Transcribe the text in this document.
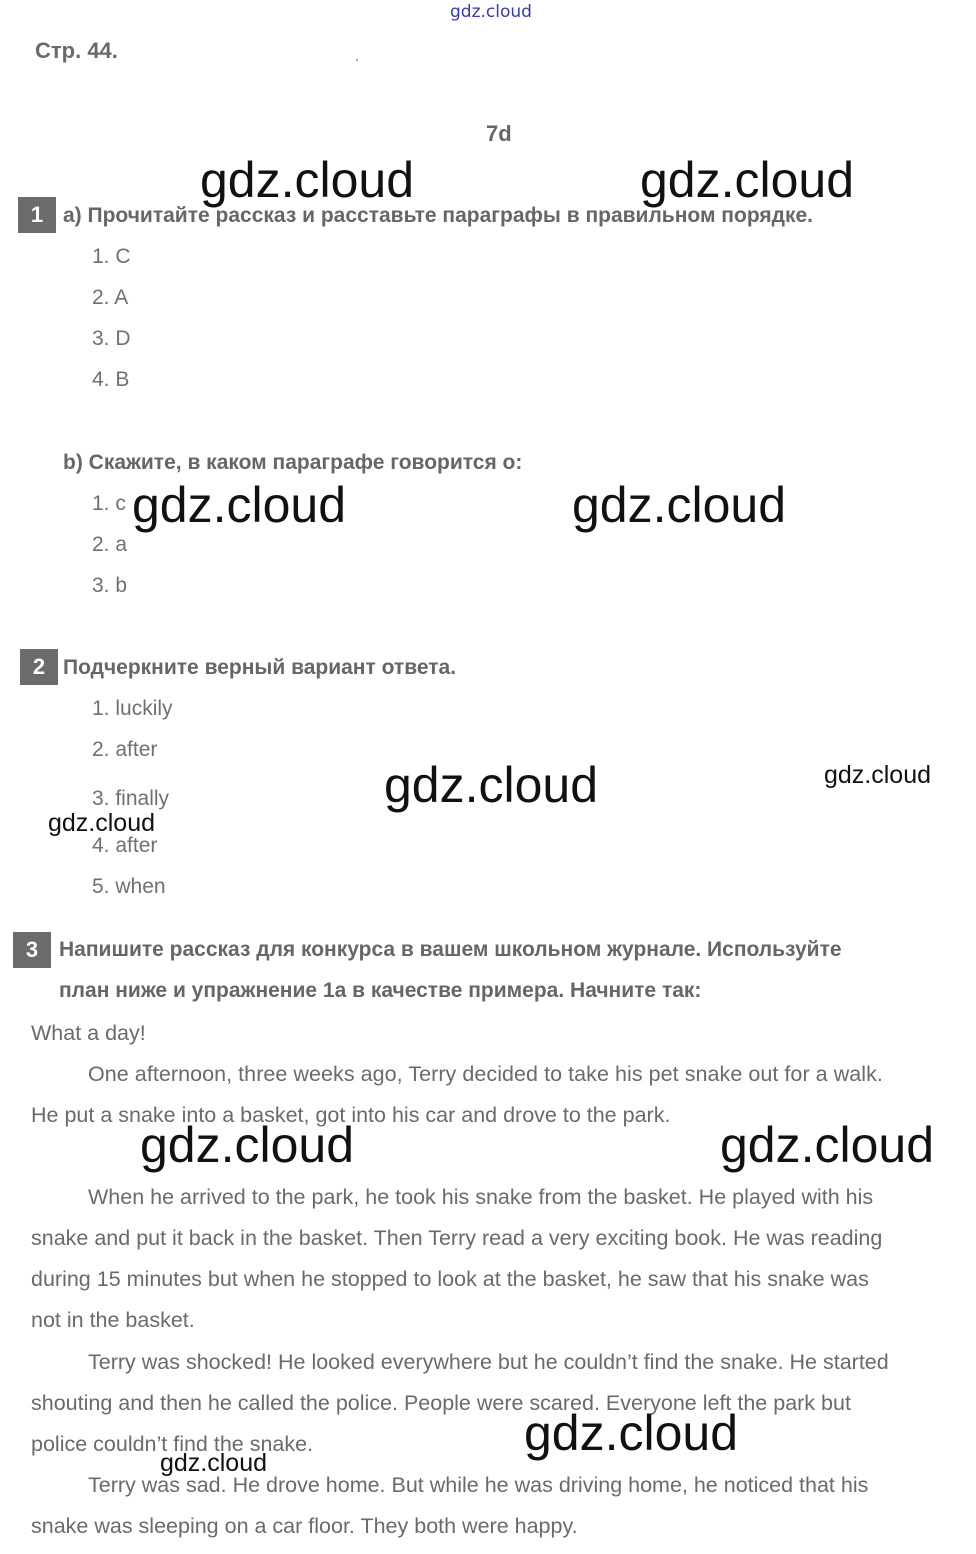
gdz.cloud
Стр. 44.	.
7d
1 a) Прочитайте рассказ и расставьте параграфы в правильном порядке.
1. C
2. A
3. D
4. B
b) Скажите, в каком параграфе говорится о:
1. c
2. a
3. b
2 Подчеркните верный вариант ответа.
1. luckily
2. after
3. finally
4. after
5. when
3 Напишите рассказ для конкурса в вашем школьном журнале. Используйте
план ниже и упражнение 1а в качестве примера. Начните так:
What a day!
One afternoon, three weeks ago, Terry decided to take his pet snake out for a walk.
He put a snake into a basket, got into his car and drove to the park.
When he arrived to the park, he took his snake from the basket. He played with his
snake and put it back in the basket. Then Terry read a very exciting book. He was reading
during 15 minutes but when he stopped to look at the basket, he saw that his snake was
not in the basket.
Terry was shocked! He looked everywhere but he couldn’t find the snake. He started
shouting and then he called the police. People were scared. Everyone left the park but
police couldn’t find the snake.
Terry was sad. He drove home. But while he was driving home, he noticed that his
snake was sleeping on a car floor. They both were happy.
gdz.cloud	gdz.cloud
gdz.cloud	gdz.cloud
gdz.cloud	gdz.cloud
gdz.cloud
gdz.cloud	gdz.cloud
gdz.cloud
gdz.cloud
